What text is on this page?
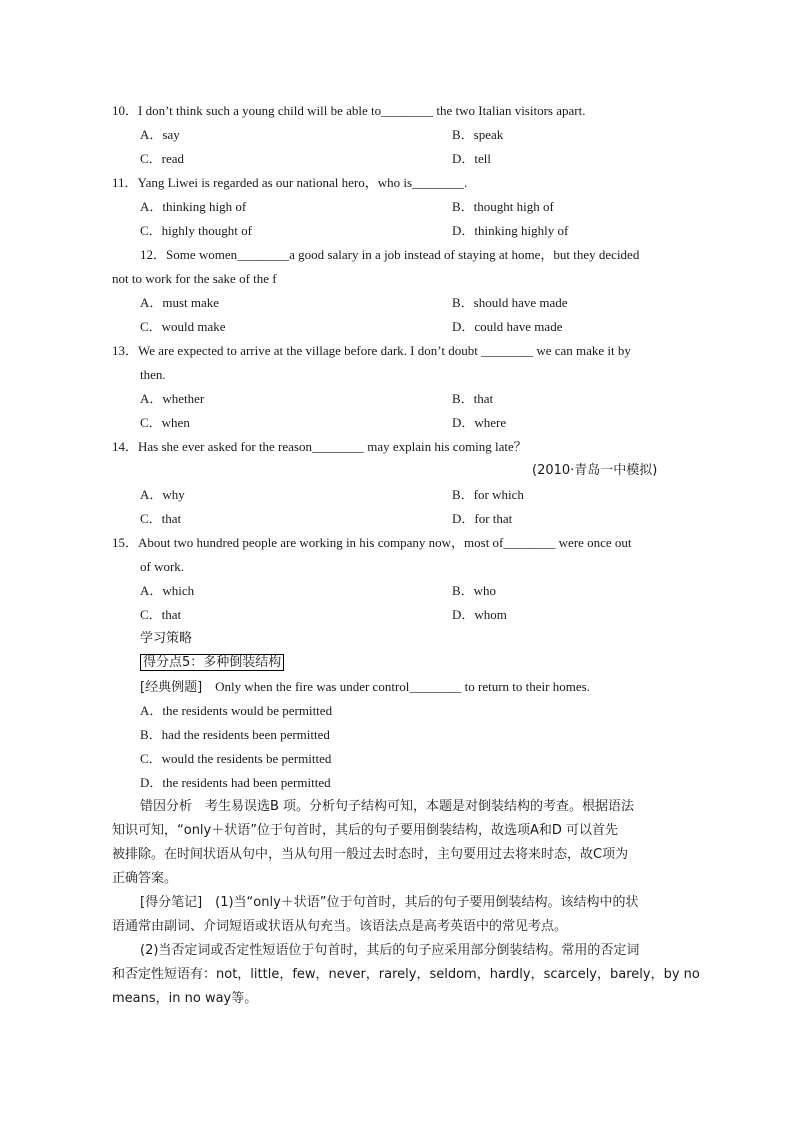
10．I don’t think such a young child will be able to________ the two Italian visitors apart.
A．say	B．speak
C．read	D．tell
11．Yang Liwei is regarded as our national hero，who is________.
A．thinking high of	B．thought high of
C．highly thought of	D．thinking highly of
12．Some women________a good salary in a job instead of staying at home，but they decided
not to work for the sake of the f
A．must make	B．should have made
C．would make	D．could have made
13．We are expected to arrive at the village before dark. I don’t doubt ________ we can make it by
then.
A．whether	B．that
C．when	D．where
14．Has she ever asked for the reason________ may explain his coming late？
(2010·青岛一中模拟)
A．why	B．for which
C．that	D．for that
15．About two hundred people are working in his company now，most of________ were once out
of work.
A．which	B．who
C．that	D．whom
学习策略
得分点5：多种倒装结构
[经典例题] Only when the fire was under control________ to return to their homes.
A．the residents would be permitted
B．had the residents been permitted
C．would the residents be permitted
D．the residents had been permitted
错因分析　考生易误选B 项。分析句子结构可知，本题是对倒装结构的考查。根据语法
知识可知，“only＋状语”位于句首时，其后的句子要用倒装结构，故选项A和D 可以首先
被排除。在时间状语从句中，当从句用一般过去时态时，主句要用过去将来时态，故C项为
正确答案。
[得分笔记]　(1)当“only＋状语”位于句首时，其后的句子要用倒装结构。该结构中的状
语通常由副词、介词短语或状语从句充当。该语法点是高考英语中的常见考点。
(2)当否定词或否定性短语位于句首时，其后的句子应采用部分倒装结构。常用的否定词
和否定性短语有：not，little，few，never，rarely，seldom，hardly，scarcely，barely，by no
means，in no way等。
